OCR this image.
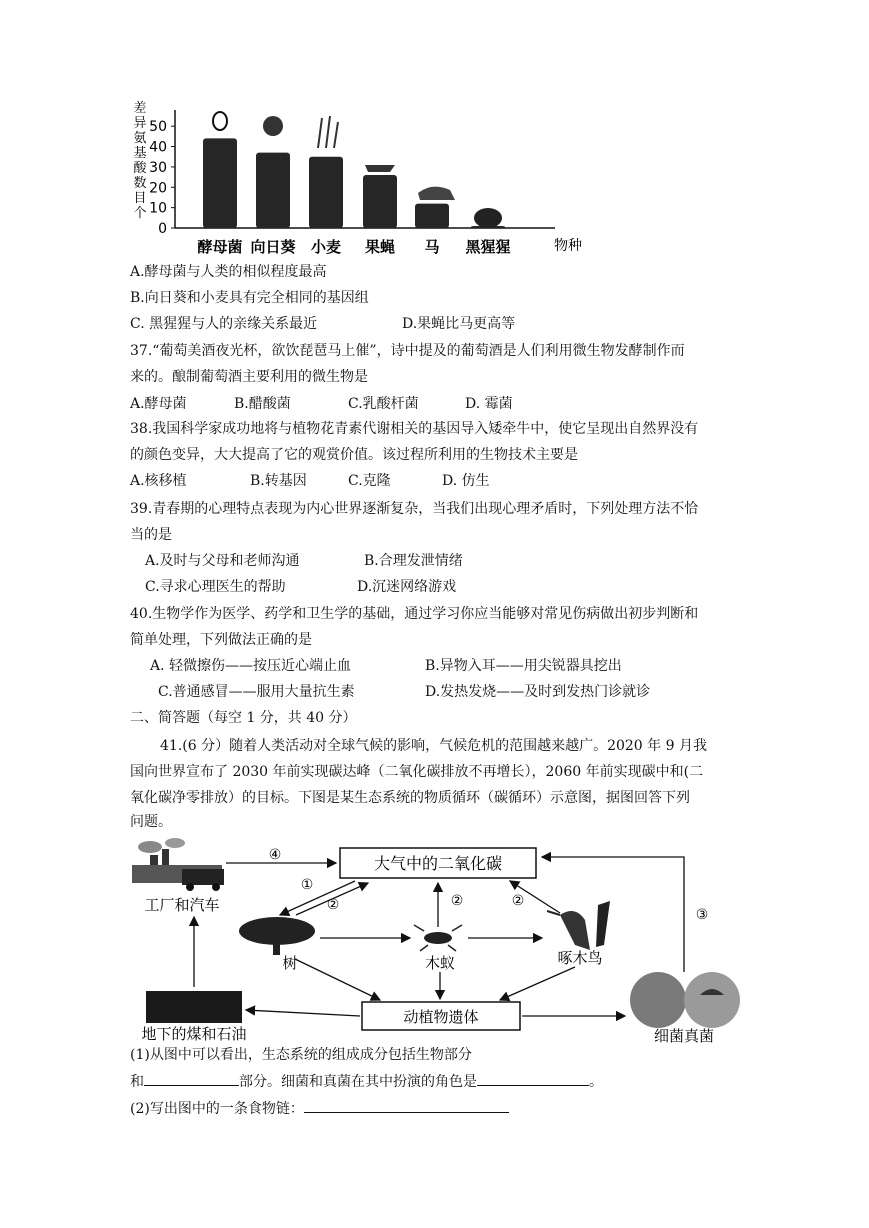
0
10
20
30
40
50
差异氨基酸数目个
酵母菌 向日葵 小麦 果蝇 马 黑猩猩	物种
A.酵母菌与人类的相似程度最高
B.向日葵和小麦具有完全相同的基因组
C. 黑猩猩与人的亲缘关系最近	D.果蝇比马更高等
37.“葡萄美酒夜光杯，欲饮琵琶马上催”，诗中提及的葡萄酒是人们利用微生物发酵制作而
来的。酿制葡萄酒主要利用的微生物是
A.酵母菌	B.醋酸菌	C.乳酸杆菌	D. 霉菌
38.我国科学家成功地将与植物花青素代谢相关的基因导入矮牵牛中，使它呈现出自然界没有
的颜色变异，大大提高了它的观赏价值。该过程所利用的生物技术主要是
A.核移植	B.转基因	C.克隆	D. 仿生
39.青春期的心理特点表现为内心世界逐渐复杂，当我们出现心理矛盾时，下列处理方法不恰
当的是
A.及时与父母和老师沟通	B.合理发泄情绪
C.寻求心理医生的帮助	D.沉迷网络游戏
40.生物学作为医学、药学和卫生学的基础，通过学习你应当能够对常见伤病做出初步判断和
简单处理，下列做法正确的是
A. 轻微擦伤——按压近心端止血	B.异物入耳——用尖锐器具挖出
C.普通感冒——服用大量抗生素	D.发热发烧——及时到发热门诊就诊
二、简答题（每空 1 分，共 40 分）
41.(6 分）随着人类活动对全球气候的影响，气候危机的范围越来越广。2020 年 9 月我
国向世界宣布了 2030 年前实现碳达峰（二氧化碳排放不再增长），2060 年前实现碳中和(二
氧化碳净零排放）的目标。下图是某生态系统的物质循环（碳循环）示意图，据图回答下列
问题。
大气中的二氧化碳
动植物遗体
工厂和汽车
地下的煤和石油
树	木蚁	啄木鸟
细菌真菌
④
①
②	②	②
③
(1)从图中可以看出，生态系统的组成成分包括生物部分
和	部分。细菌和真菌在其中扮演的角色是	。
(2)写出图中的一条食物链：
